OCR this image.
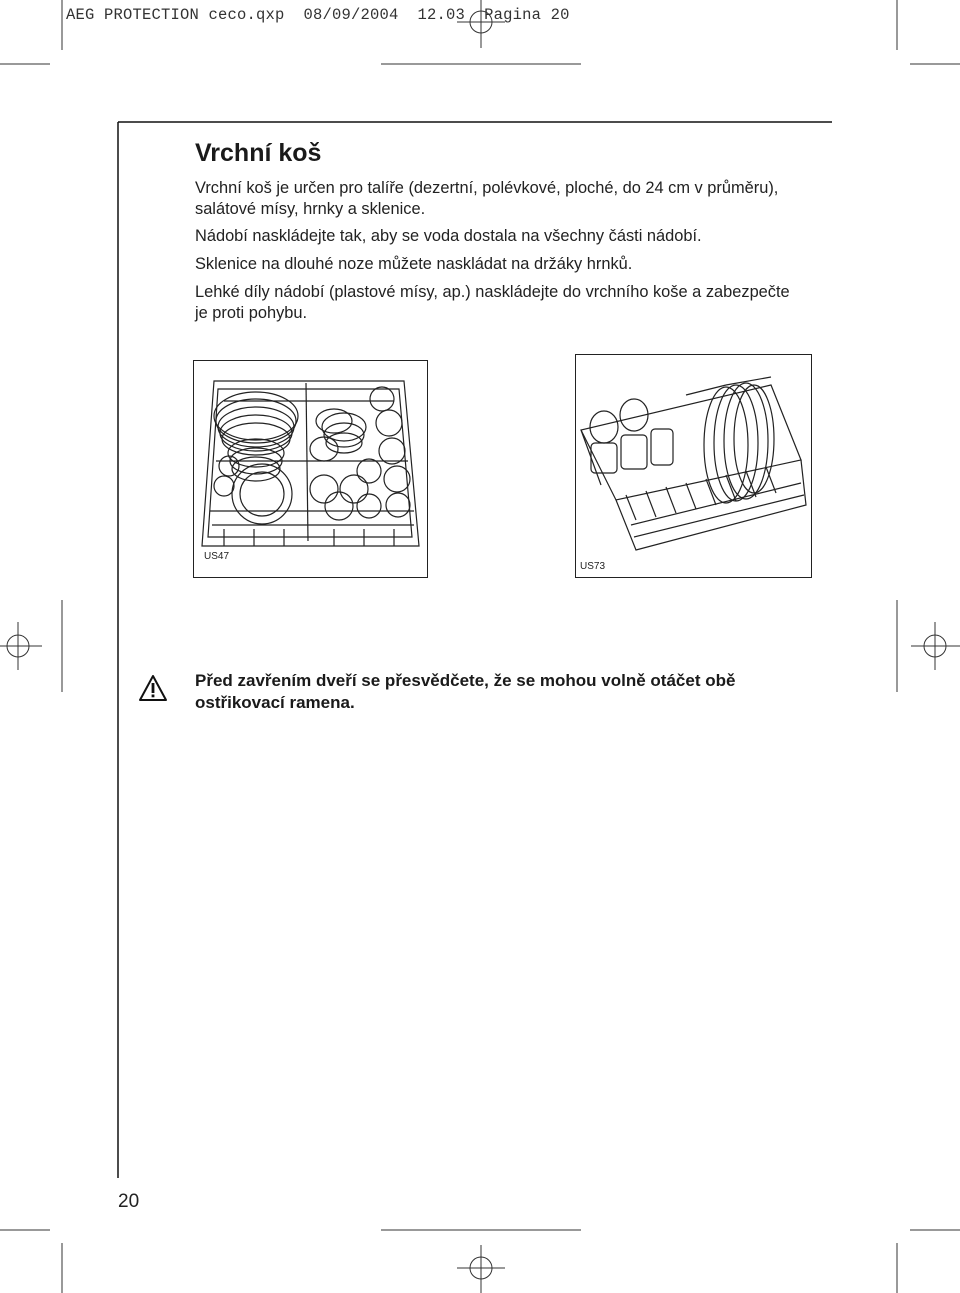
AEG PROTECTION ceco.qxp  08/09/2004  12.03  Pagina 20
Vrchní koš

Vrchní koš je určen pro talíře (dezertní, polévkové, ploché, do 24 cm v průměru), salátové mísy, hrnky a sklenice.

Nádobí naskládejte tak, aby se voda dostala na všechny části nádobí.

Sklenice na dlouhé noze můžete naskládat na držáky hrnků.

Lehké díly nádobí (plastové mísy, ap.) naskládejte do vrchního koše a zabezpečte je proti pohybu.

US47
US73

Před zavřením dveří se přesvědčete, že se mohou volně otáčet obě ostřikovací ramena.

20
